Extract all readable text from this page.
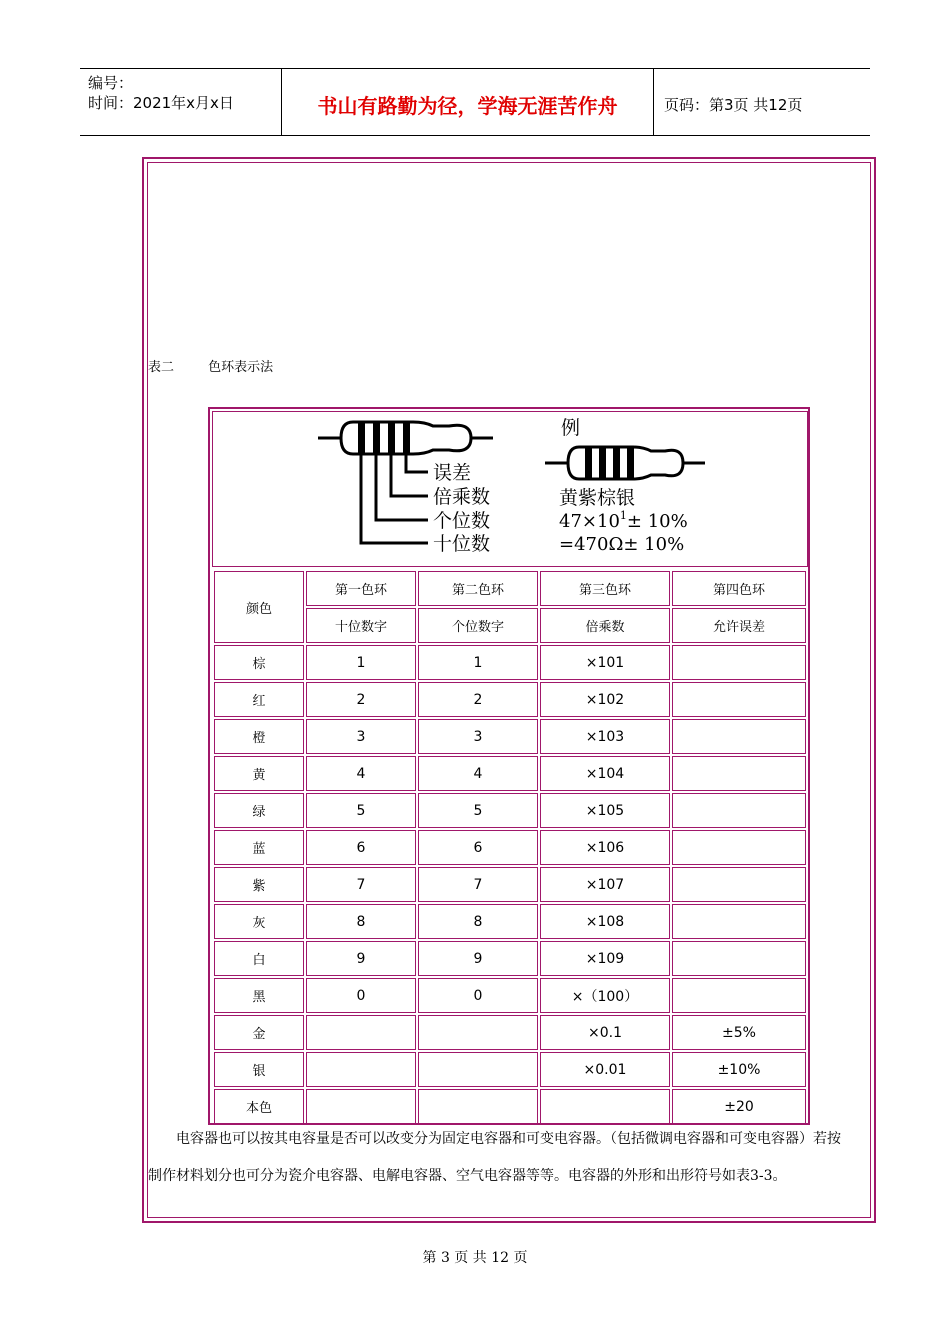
编号：
时间：2021年x月x日	书山有路勤为径，学海无涯苦作舟	页码：第3页 共12页
表二	色环表示法
误差
倍乘数
个位数
十位数
例
黄紫棕银
$47\times 10^1\pm 10\%$
=470Ω± 10%
颜色	第一色环	第二色环	第三色环	第四色环
	十位数字	个位数字	倍乘数	允许误差
棕	1	1	×101	
红	2	2	×102	
橙	3	3	×103	
黄	4	4	×104	
绿	5	5	×105	
蓝	6	6	×106	
紫	7	7	×107	
灰	8	8	×108	
白	9	9	×109	
黑	0	0	×（100）	
金			×0.1	±5%
银			×0.01	±10%
本色				±20
电容器也可以按其电容量是否可以改变分为固定电容器和可变电容器。（包括微调电容器和可变电容器）若按
制作材料划分也可分为瓷介电容器、电解电容器、空气电容器等等。电容器的外形和出形符号如表3-3。
第 3 页 共 12 页
